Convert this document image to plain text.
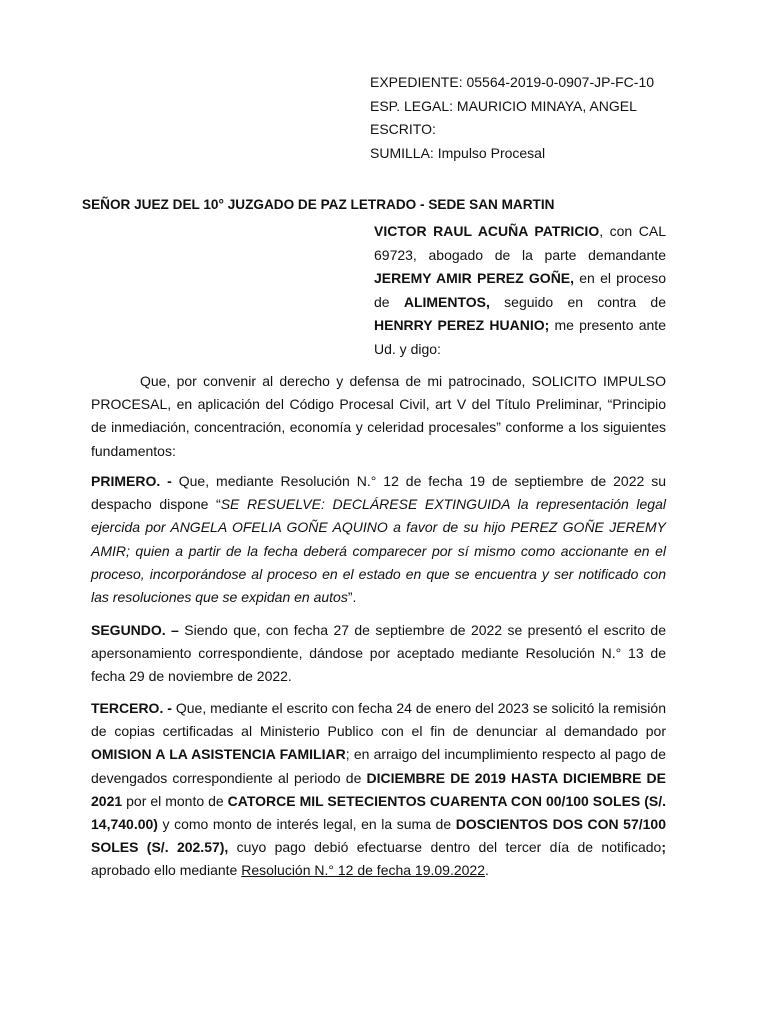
EXPEDIENTE: 05564-2019-0-0907-JP-FC-10
ESP. LEGAL: MAURICIO MINAYA, ANGEL
ESCRITO:
SUMILLA: Impulso Procesal
SEÑOR JUEZ DEL 10° JUZGADO DE PAZ LETRADO - SEDE SAN MARTIN
VICTOR RAUL ACUÑA PATRICIO, con CAL 69723, abogado de la parte demandante JEREMY AMIR PEREZ GOÑE, en el proceso de ALIMENTOS, seguido en contra de HENRRY PEREZ HUANIO; me presento ante Ud. y digo:
Que, por convenir al derecho y defensa de mi patrocinado, SOLICITO IMPULSO PROCESAL, en aplicación del Código Procesal Civil, art V del Título Preliminar, “Principio de inmediación, concentración, economía y celeridad procesales” conforme a los siguientes fundamentos:
PRIMERO. - Que, mediante Resolución N.° 12 de fecha 19 de septiembre de 2022 su despacho dispone “SE RESUELVE: DECLÁRESE EXTINGUIDA la representación legal ejercida por ANGELA OFELIA GOÑE AQUINO a favor de su hijo PEREZ GOÑE JEREMY AMIR; quien a partir de la fecha deberá comparecer por sí mismo como accionante en el proceso, incorporándose al proceso en el estado en que se encuentra y ser notificado con las resoluciones que se expidan en autos”.
SEGUNDO. – Siendo que, con fecha 27 de septiembre de 2022 se presentó el escrito de apersonamiento correspondiente, dándose por aceptado mediante Resolución N.° 13 de fecha 29 de noviembre de 2022.
TERCERO. - Que, mediante el escrito con fecha 24 de enero del 2023 se solicitó la remisión de copias certificadas al Ministerio Publico con el fin de denunciar al demandado por OMISION A LA ASISTENCIA FAMILIAR; en arraigo del incumplimiento respecto al pago de devengados correspondiente al periodo de DICIEMBRE DE 2019 HASTA DICIEMBRE DE 2021 por el monto de CATORCE MIL SETECIENTOS CUARENTA CON 00/100 SOLES (S/. 14,740.00) y como monto de interés legal, en la suma de DOSCIENTOS DOS CON 57/100 SOLES (S/. 202.57), cuyo pago debió efectuarse dentro del tercer día de notificado; aprobado ello mediante Resolución N.° 12 de fecha 19.09.2022.
